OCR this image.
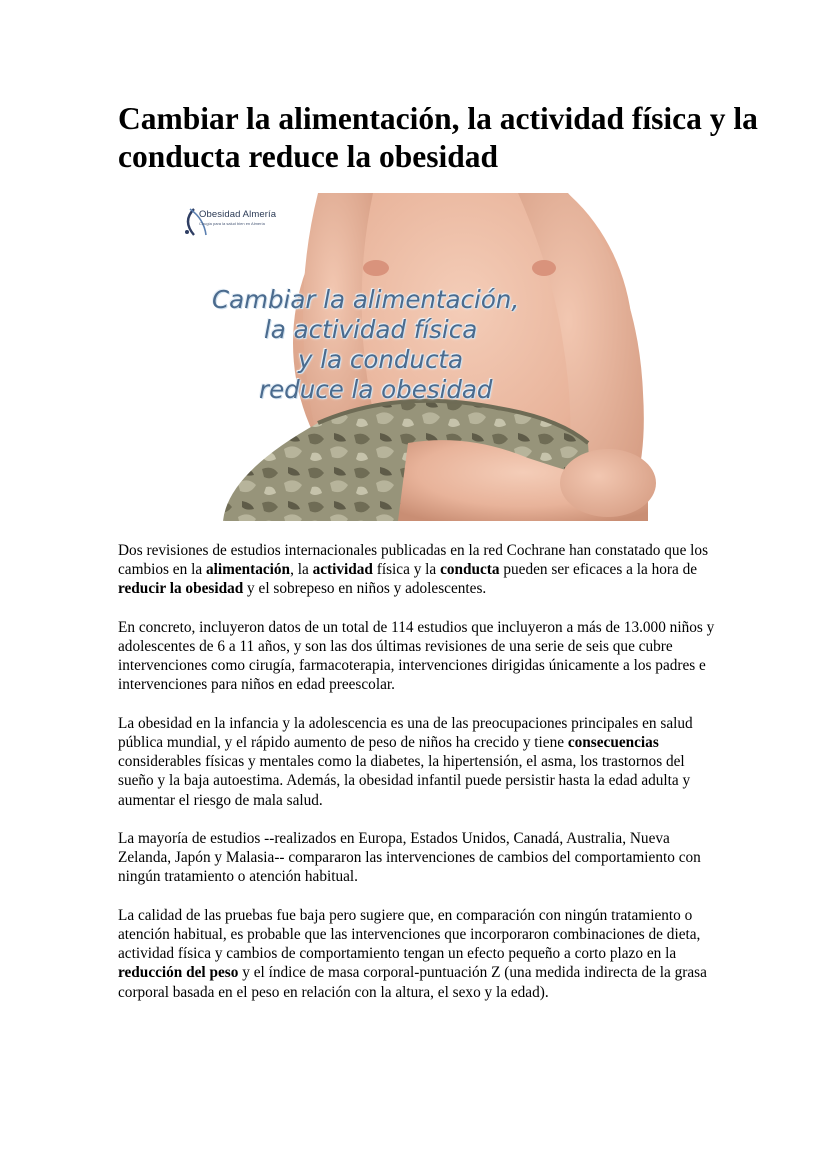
Cambiar la alimentación, la actividad física y la conducta reduce la obesidad
Obesidad Almería
Cirugía para la salud bien en Almería
Cambiar la alimentación,
la actividad física
y la conducta
reduce la obesidad

Dos revisiones de estudios internacionales publicadas en la red Cochrane han constatado que los cambios en la alimentación, la actividad física y la conducta pueden ser eficaces a la hora de reducir la obesidad y el sobrepeso en niños y adolescentes.

En concreto, incluyeron datos de un total de 114 estudios que incluyeron a más de 13.000 niños y adolescentes de 6 a 11 años, y son las dos últimas revisiones de una serie de seis que cubre intervenciones como cirugía, farmacoterapia, intervenciones dirigidas únicamente a los padres e intervenciones para niños en edad preescolar.

La obesidad en la infancia y la adolescencia es una de las preocupaciones principales en salud pública mundial, y el rápido aumento de peso de niños ha crecido y tiene consecuencias considerables físicas y mentales como la diabetes, la hipertensión, el asma, los trastornos del sueño y la baja autoestima. Además, la obesidad infantil puede persistir hasta la edad adulta y aumentar el riesgo de mala salud.

La mayoría de estudios --realizados en Europa, Estados Unidos, Canadá, Australia, Nueva Zelanda, Japón y Malasia-- compararon las intervenciones de cambios del comportamiento con ningún tratamiento o atención habitual.

La calidad de las pruebas fue baja pero sugiere que, en comparación con ningún tratamiento o atención habitual, es probable que las intervenciones que incorporaron combinaciones de dieta, actividad física y cambios de comportamiento tengan un efecto pequeño a corto plazo en la reducción del peso y el índice de masa corporal-puntuación Z (una medida indirecta de la grasa corporal basada en el peso en relación con la altura, el sexo y la edad).
